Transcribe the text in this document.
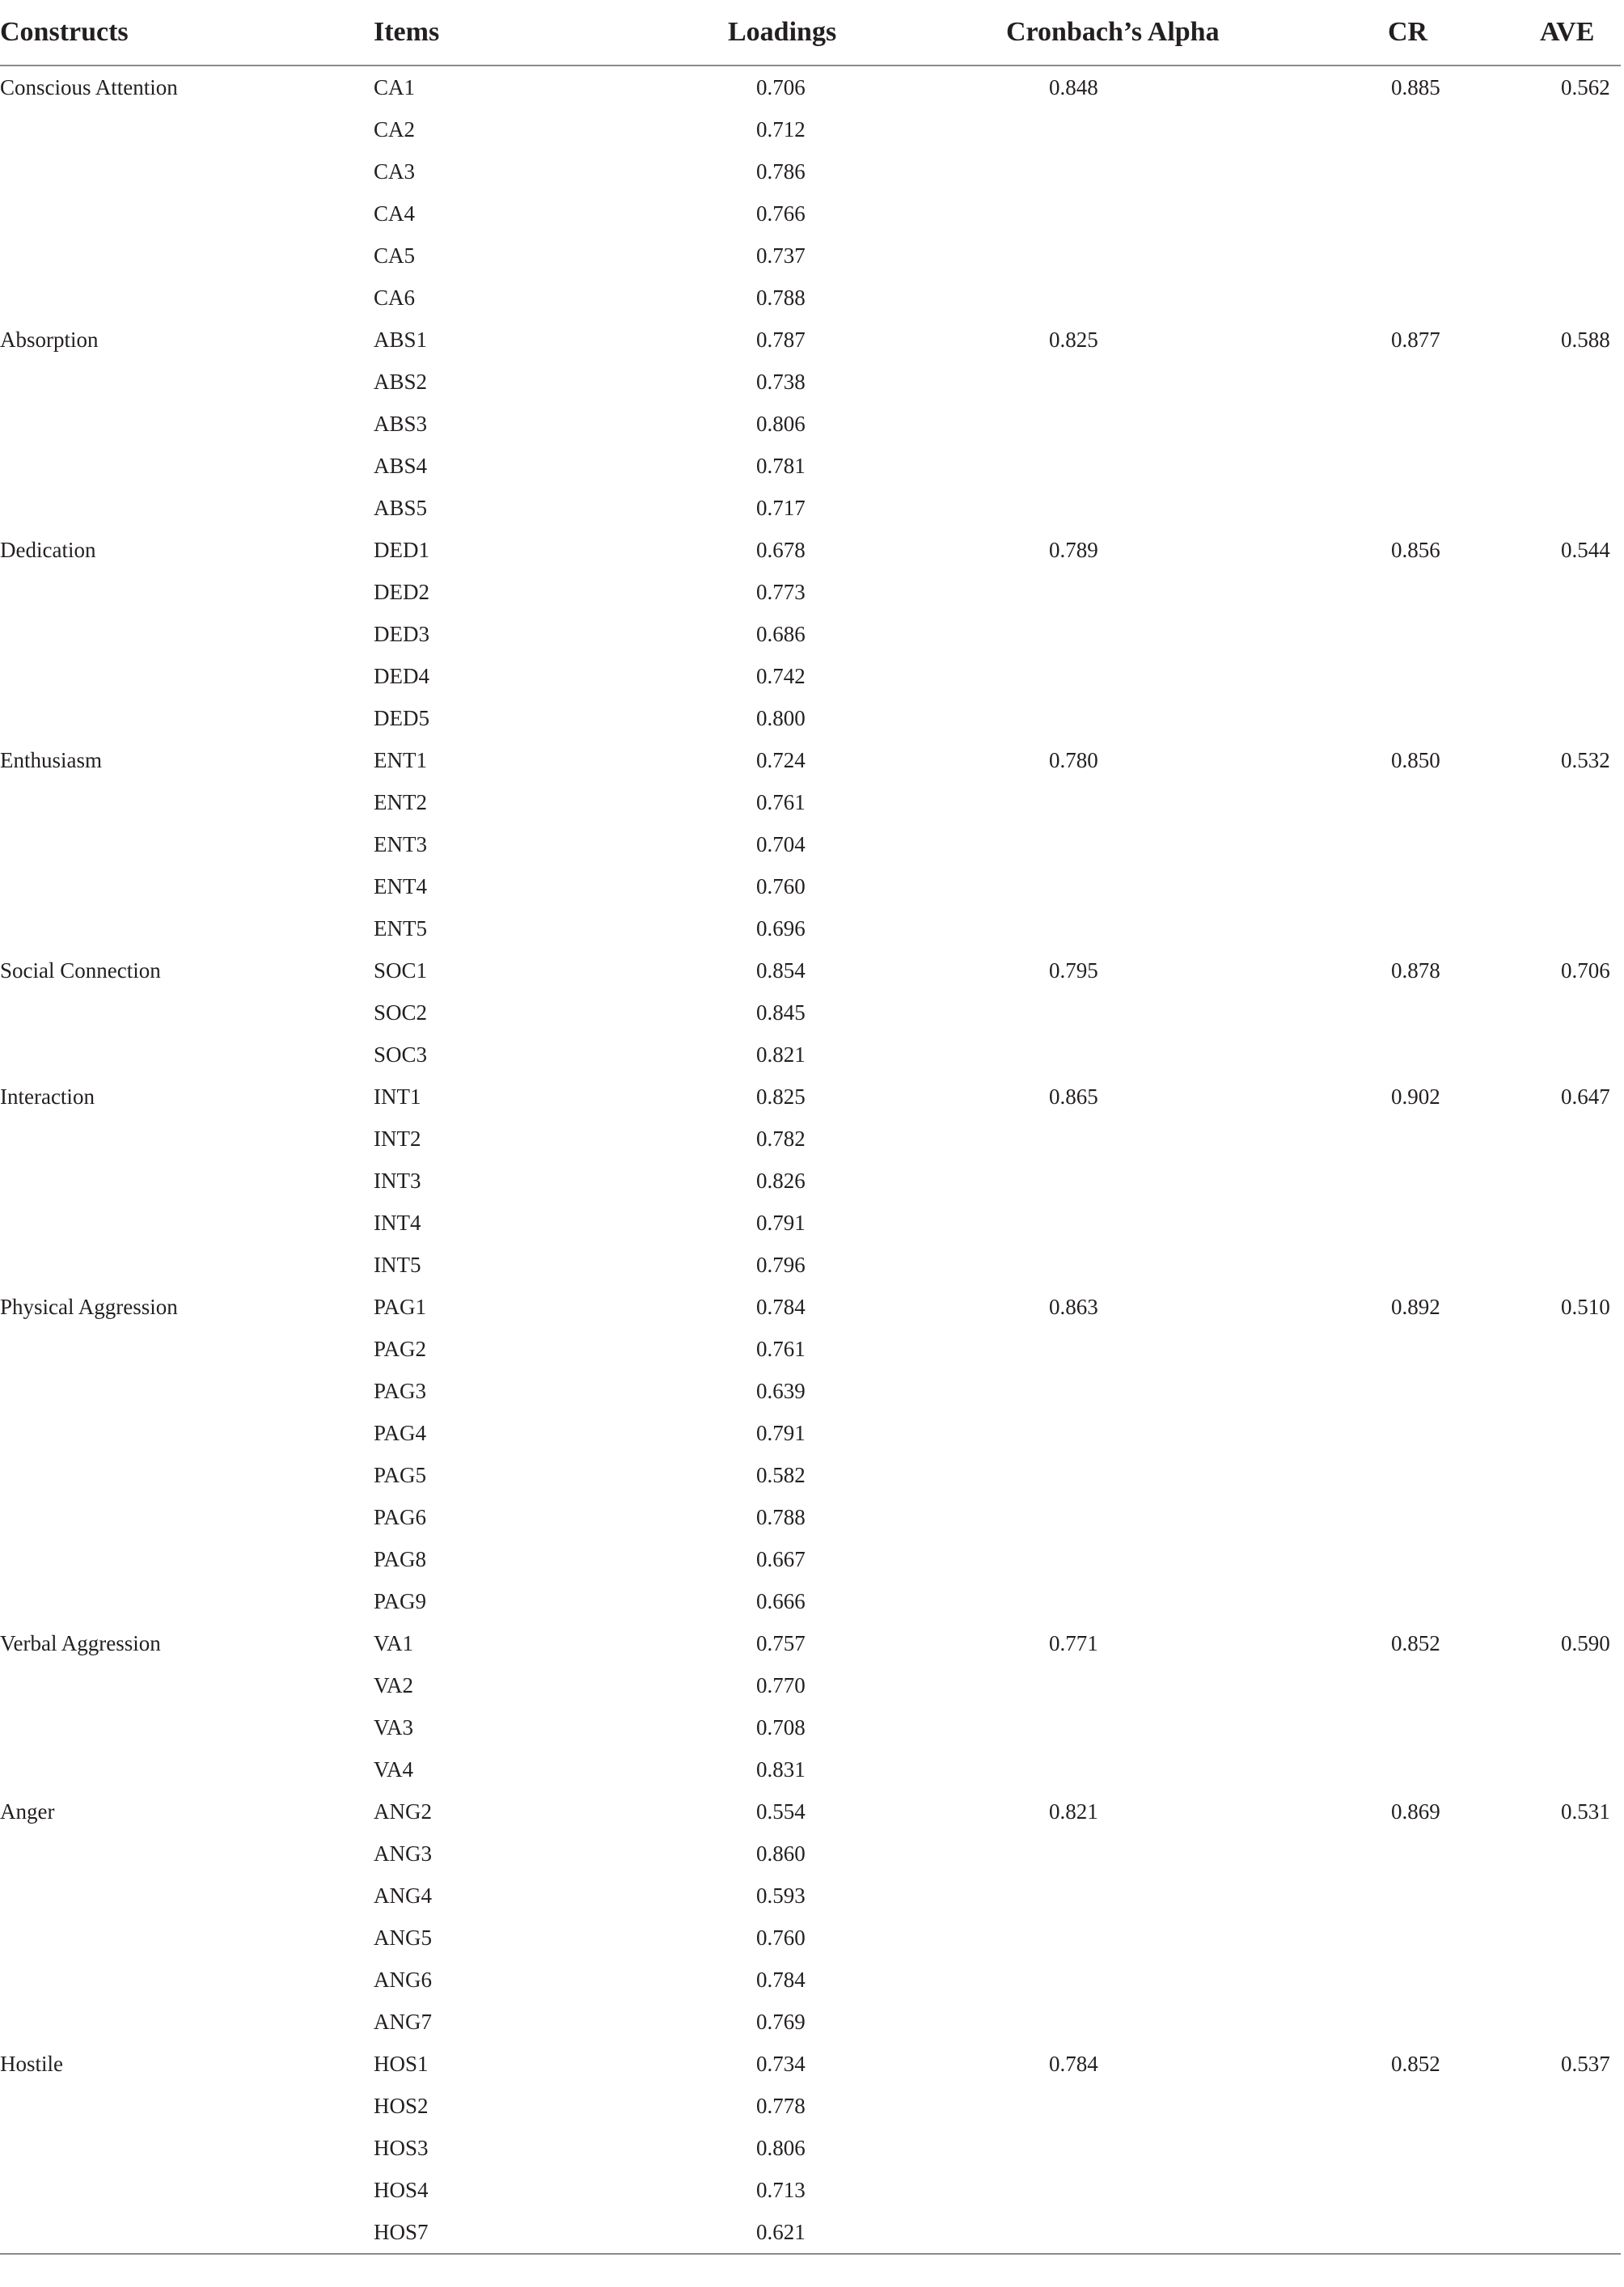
Constructs	Items	Loadings	Cronbach’s Alpha	CR	AVE
Conscious Attention	CA1	0.706	0.848	0.885	0.562
	CA2	0.712			
	CA3	0.786			
	CA4	0.766			
	CA5	0.737			
	CA6	0.788			
Absorption	ABS1	0.787	0.825	0.877	0.588
	ABS2	0.738			
	ABS3	0.806			
	ABS4	0.781			
	ABS5	0.717			
Dedication	DED1	0.678	0.789	0.856	0.544
	DED2	0.773			
	DED3	0.686			
	DED4	0.742			
	DED5	0.800			
Enthusiasm	ENT1	0.724	0.780	0.850	0.532
	ENT2	0.761			
	ENT3	0.704			
	ENT4	0.760			
	ENT5	0.696			
Social Connection	SOC1	0.854	0.795	0.878	0.706
	SOC2	0.845			
	SOC3	0.821			
Interaction	INT1	0.825	0.865	0.902	0.647
	INT2	0.782			
	INT3	0.826			
	INT4	0.791			
	INT5	0.796			
Physical Aggression	PAG1	0.784	0.863	0.892	0.510
	PAG2	0.761			
	PAG3	0.639			
	PAG4	0.791			
	PAG5	0.582			
	PAG6	0.788			
	PAG8	0.667			
	PAG9	0.666			
Verbal Aggression	VA1	0.757	0.771	0.852	0.590
	VA2	0.770			
	VA3	0.708			
	VA4	0.831			
Anger	ANG2	0.554	0.821	0.869	0.531
	ANG3	0.860			
	ANG4	0.593			
	ANG5	0.760			
	ANG6	0.784			
	ANG7	0.769			
Hostile	HOS1	0.734	0.784	0.852	0.537
	HOS2	0.778			
	HOS3	0.806			
	HOS4	0.713			
	HOS7	0.621			
